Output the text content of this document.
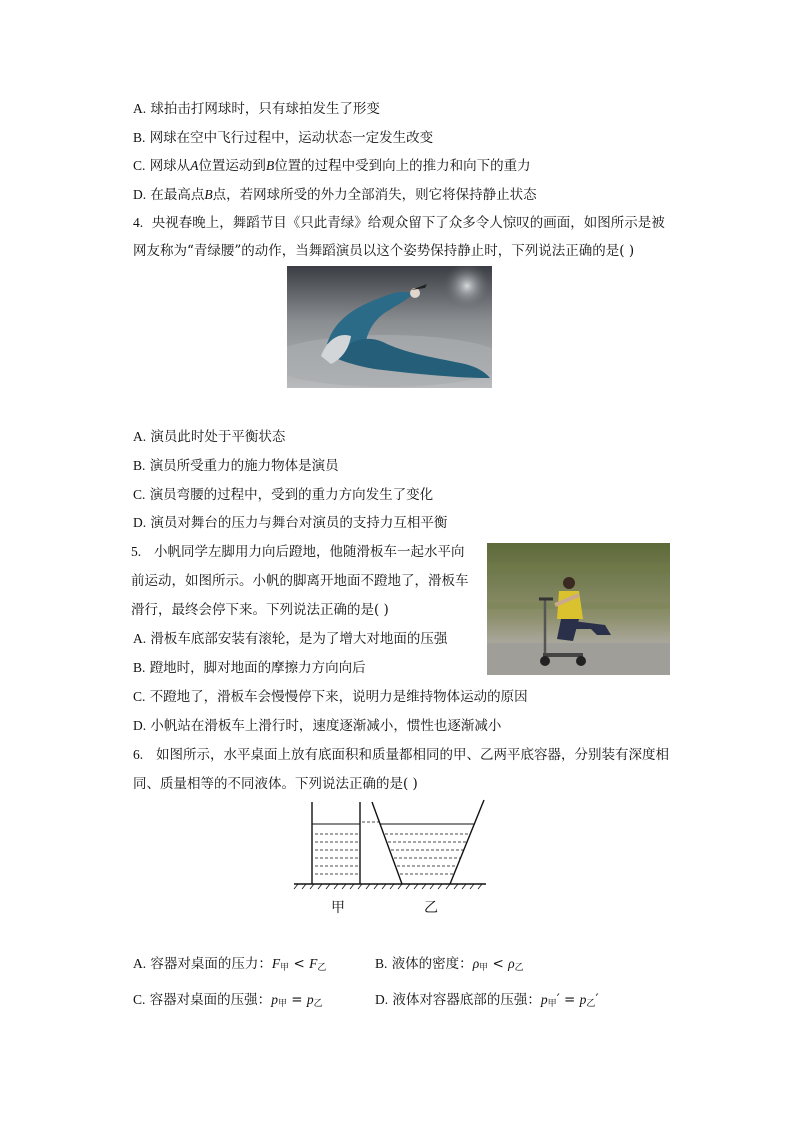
A. 球拍击打网球时，只有球拍发生了形变
B. 网球在空中飞行过程中，运动状态一定发生改变
C. 网球从A位置运动到B位置的过程中受到向上的推力和向下的重力
D. 在最高点B点，若网球所受的外力全部消失，则它将保持静止状态
4. 央视春晚上，舞蹈节目《只此青绿》给观众留下了众多令人惊叹的画面，如图所示是被
网友称为“青绿腰”的动作，当舞蹈演员以这个姿势保持静止时，下列说法正确的是( )
A. 演员此时处于平衡状态
B. 演员所受重力的施力物体是演员
C. 演员弯腰的过程中，受到的重力方向发生了变化
D. 演员对舞台的压力与舞台对演员的支持力互相平衡
5. 小帆同学左脚用力向后蹬地，他随滑板车一起水平向
前运动，如图所示。小帆的脚离开地面不蹬地了，滑板车
滑行，最终会停下来。下列说法正确的是( )
A. 滑板车底部安装有滚轮，是为了增大对地面的压强
B. 蹬地时，脚对地面的摩擦力方向向后
C. 不蹬地了，滑板车会慢慢停下来，说明力是维持物体运动的原因
D. 小帆站在滑板车上滑行时，速度逐渐减小，惯性也逐渐减小
6. 如图所示，水平桌面上放有底面积和质量都相同的甲、乙两平底容器，分别装有深度相
同、质量相等的不同液体。下列说法正确的是( )
甲	乙
A. 容器对桌面的压力：$F_甲 < F_乙$	B. 液体的密度：$\rho_甲 < \rho_乙$
C. 容器对桌面的压强：$p_甲 = p_乙$	D. 液体对容器底部的压强：$p_甲' = p_乙'$
